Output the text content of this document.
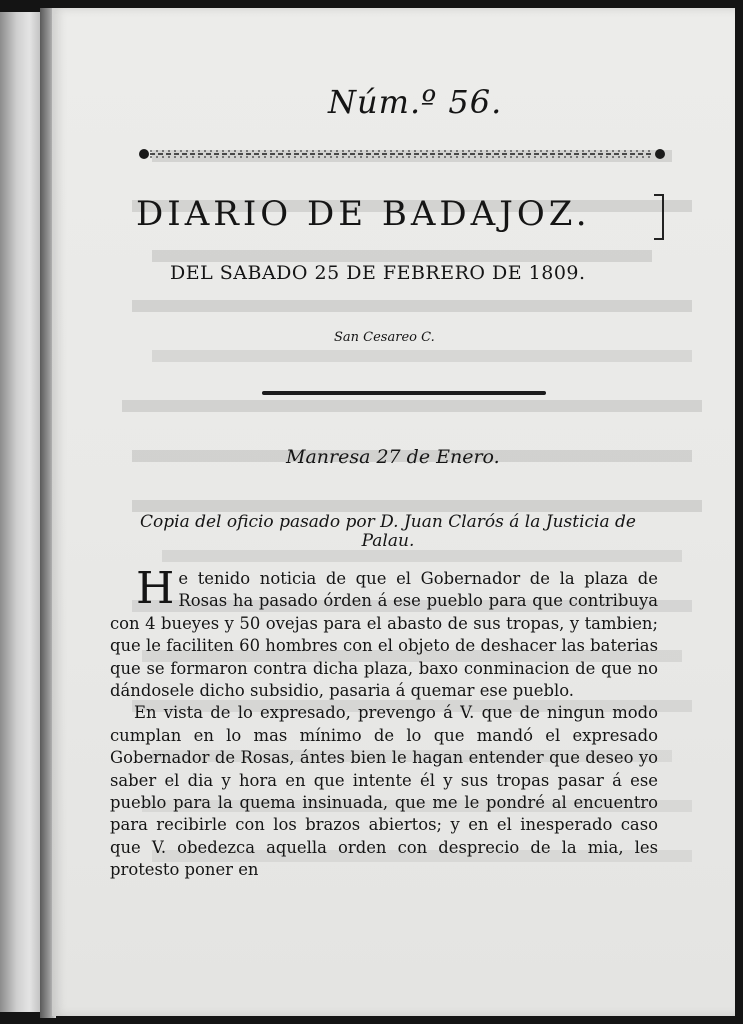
Núm.º 56.
DIARIO DE BADAJOZ.
DEL SABADO 25 DE FEBRERO DE 1809.
San Cesareo C.
Manresa 27 de Enero.
Copia del oficio pasado por D. Juan Clarós á la Justicia de Palau.

He tenido noticia de que el Gobernador de la plaza de Rosas ha pasado órden á ese pueblo para que contribuya con 4 bueyes y 50 ovejas para el abasto de sus tropas, y tambien; que le faciliten 60 hombres con el objeto de deshacer las baterias que se formaron contra dicha plaza, baxo conminacion de que no dándosele dicho subsidio, pasaria á quemar ese pueblo.

En vista de lo expresado, prevengo á V. que de ningun modo cumplan en lo mas mínimo de lo que mandó el expresado Gobernador de Rosas, ántes bien le hagan entender que deseo yo saber el dia y hora en que intente él y sus tropas pasar á ese pueblo para la quema insinuada, que me le pondré al encuentro para recibirle con los brazos abiertos; y en el inesperado caso que V. obedezca aquella orden con desprecio de la mia, les protesto poner en
